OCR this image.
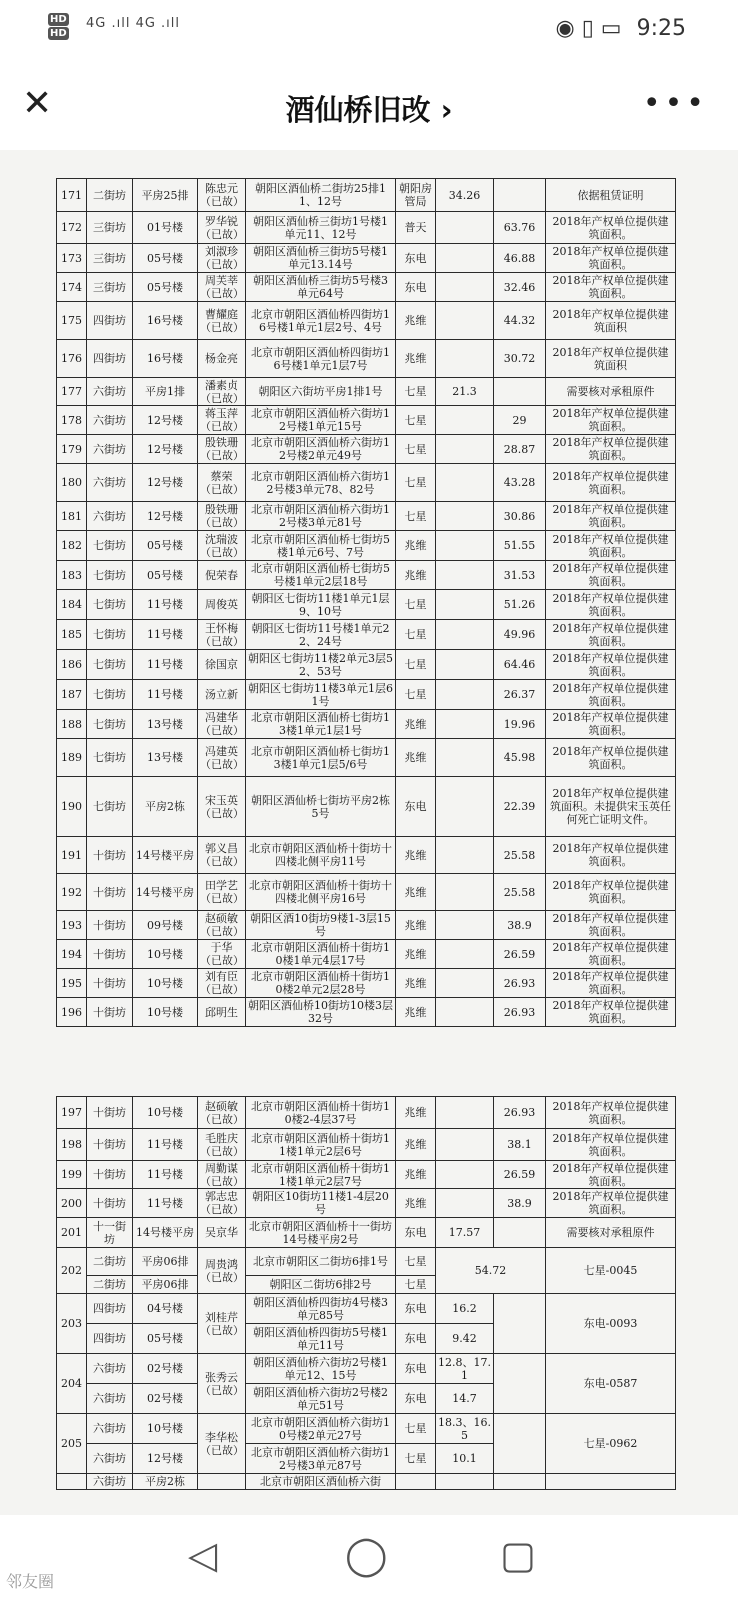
HD
HD
4G .ıll 4G .ıll	◉ ▯ ▭ 9:25
✕	酒仙桥旧改 ›	•••
171	二街坊	平房25排	陈忠元（已故）	朝阳区酒仙桥二街坊25排11、12号	朝阳房管局	34.26		依据租赁证明
172	三街坊	01号楼	罗华锐（已故）	朝阳区酒仙桥三街坊1号楼1单元11、12号	普天		63.76	2018年产权单位提供建筑面积。
173	三街坊	05号楼	刘淑珍（已故）	朝阳区酒仙桥三街坊5号楼1单元13.14号	东电		46.88	2018年产权单位提供建筑面积。
174	三街坊	05号楼	周芙莘（已故）	朝阳区酒仙桥三街坊5号楼3单元64号	东电		32.46	2018年产权单位提供建筑面积。
175	四街坊	16号楼	曹耀庭（已故）	北京市朝阳区酒仙桥四街坊16号楼1单元1层2号、4号	兆维		44.32	2018年产权单位提供建筑面积
176	四街坊	16号楼	杨金亮	北京市朝阳区酒仙桥四街坊16号楼1单元1层7号	兆维		30.72	2018年产权单位提供建筑面积
177	六街坊	平房1排	潘素贞（已故）	朝阳区六街坊平房1排1号	七星	21.3		需要核对承租原件
178	六街坊	12号楼	蒋玉萍（已故）	北京市朝阳区酒仙桥六街坊12号楼1单元15号	七星		29	2018年产权单位提供建筑面积。
179	六街坊	12号楼	殷铁珊（已故）	北京市朝阳区酒仙桥六街坊12号楼2单元49号	七星		28.87	2018年产权单位提供建筑面积。
180	六街坊	12号楼	蔡荣（已故）	北京市朝阳区酒仙桥六街坊12号楼3单元78、82号	七星		43.28	2018年产权单位提供建筑面积。
181	六街坊	12号楼	殷铁珊（已故）	北京市朝阳区酒仙桥六街坊12号楼3单元81号	七星		30.86	2018年产权单位提供建筑面积。
182	七街坊	05号楼	沈瑞波（已故）	北京市朝阳区酒仙桥七街坊5楼1单元6号、7号	兆维		51.55	2018年产权单位提供建筑面积。
183	七街坊	05号楼	倪荣春	北京市朝阳区酒仙桥七街坊5号楼1单元2层18号	兆维		31.53	2018年产权单位提供建筑面积。
184	七街坊	11号楼	周俊英	朝阳区七街坊11楼1单元1层9、10号	七星		51.26	2018年产权单位提供建筑面积。
185	七街坊	11号楼	王怀梅（已故）	朝阳区七街坊11号楼1单元22、24号	七星		49.96	2018年产权单位提供建筑面积。
186	七街坊	11号楼	徐国京	朝阳区七街坊11楼2单元3层52、53号	七星		64.46	2018年产权单位提供建筑面积。
187	七街坊	11号楼	汤立新	朝阳区七街坊11楼3单元1层61号	七星		26.37	2018年产权单位提供建筑面积。
188	七街坊	13号楼	冯建华（已故）	北京市朝阳区酒仙桥七街坊13楼1单元1层1号	兆维		19.96	2018年产权单位提供建筑面积。
189	七街坊	13号楼	冯建英（已故）	北京市朝阳区酒仙桥七街坊13楼1单元1层5/6号	兆维		45.98	2018年产权单位提供建筑面积。
190	七街坊	平房2栋	宋玉英（已故）	朝阳区酒仙桥七街坊平房2栋5号	东电		22.39	2018年产权单位提供建筑面积。未提供宋玉英任何死亡证明文件。
191	十街坊	14号楼平房	郭义昌（已故）	北京市朝阳区酒仙桥十街坊十四楼北侧平房11号	兆维		25.58	2018年产权单位提供建筑面积。
192	十街坊	14号楼平房	田学艺（已故）	北京市朝阳区酒仙桥十街坊十四楼北侧平房16号	兆维		25.58	2018年产权单位提供建筑面积。
193	十街坊	09号楼	赵硕敏（已故）	朝阳区酒10街坊9楼1-3层15号	兆维		38.9	2018年产权单位提供建筑面积。
194	十街坊	10号楼	于华（已故）	北京市朝阳区酒仙桥十街坊10楼1单元4层17号	兆维		26.59	2018年产权单位提供建筑面积。
195	十街坊	10号楼	刘有臣（已故）	北京市朝阳区酒仙桥十街坊10楼2单元2层28号	兆维		26.93	2018年产权单位提供建筑面积。
196	十街坊	10号楼	邱明生	朝阳区酒仙桥10街坊10楼3层32号	兆维		26.93	2018年产权单位提供建筑面积。
197	十街坊	10号楼	赵硕敏（已故）	北京市朝阳区酒仙桥十街坊10楼2-4层37号	兆维		26.93	2018年产权单位提供建筑面积。
198	十街坊	11号楼	毛胜庆（已故）	北京市朝阳区酒仙桥十街坊11楼1单元2层6号	兆维		38.1	2018年产权单位提供建筑面积。
199	十街坊	11号楼	周勤谋（已故）	北京市朝阳区酒仙桥十街坊11楼1单元2层7号	兆维		26.59	2018年产权单位提供建筑面积。
200	十街坊	11号楼	郭志忠（已故）	朝阳区10街坊11楼1-4层20号	兆维		38.9	2018年产权单位提供建筑面积。
201	十一街坊	14号楼平房	吴京华	北京市朝阳区酒仙桥十一街坊14号楼平房2号	东电	17.57		需要核对承租原件
202	二街坊	平房06排	周贵鸿（已故）	北京市朝阳区二街坊6排1号	七星	54.72		七星-0045
	二街坊	平房06排		朝阳区二街坊6排2号	七星			
203	四街坊	04号楼	刘桂芹（已故）	朝阳区酒仙桥四街坊4号楼3单元85号	东电	16.2		东电-0093
	四街坊	05号楼		朝阳区酒仙桥四街坊5号楼1单元11号	东电	9.42		
204	六街坊	02号楼	张秀云（已故）	朝阳区酒仙桥六街坊2号楼1单元12、15号	东电	12.8、17.1		东电-0587
	六街坊	02号楼		朝阳区酒仙桥六街坊2号楼2单元51号	东电	14.7		
205	六街坊	10号楼	李华松（已故）	北京市朝阳区酒仙桥六街坊10号楼2单元27号	七星	18.3、16.5		七星-0962
	六街坊	12号楼		北京市朝阳区酒仙桥六街坊12号楼3单元87号	七星	10.1		
	六街坊	平房2栋		北京市朝阳区酒仙桥六街				
◁	◯	▢
邻友圈
